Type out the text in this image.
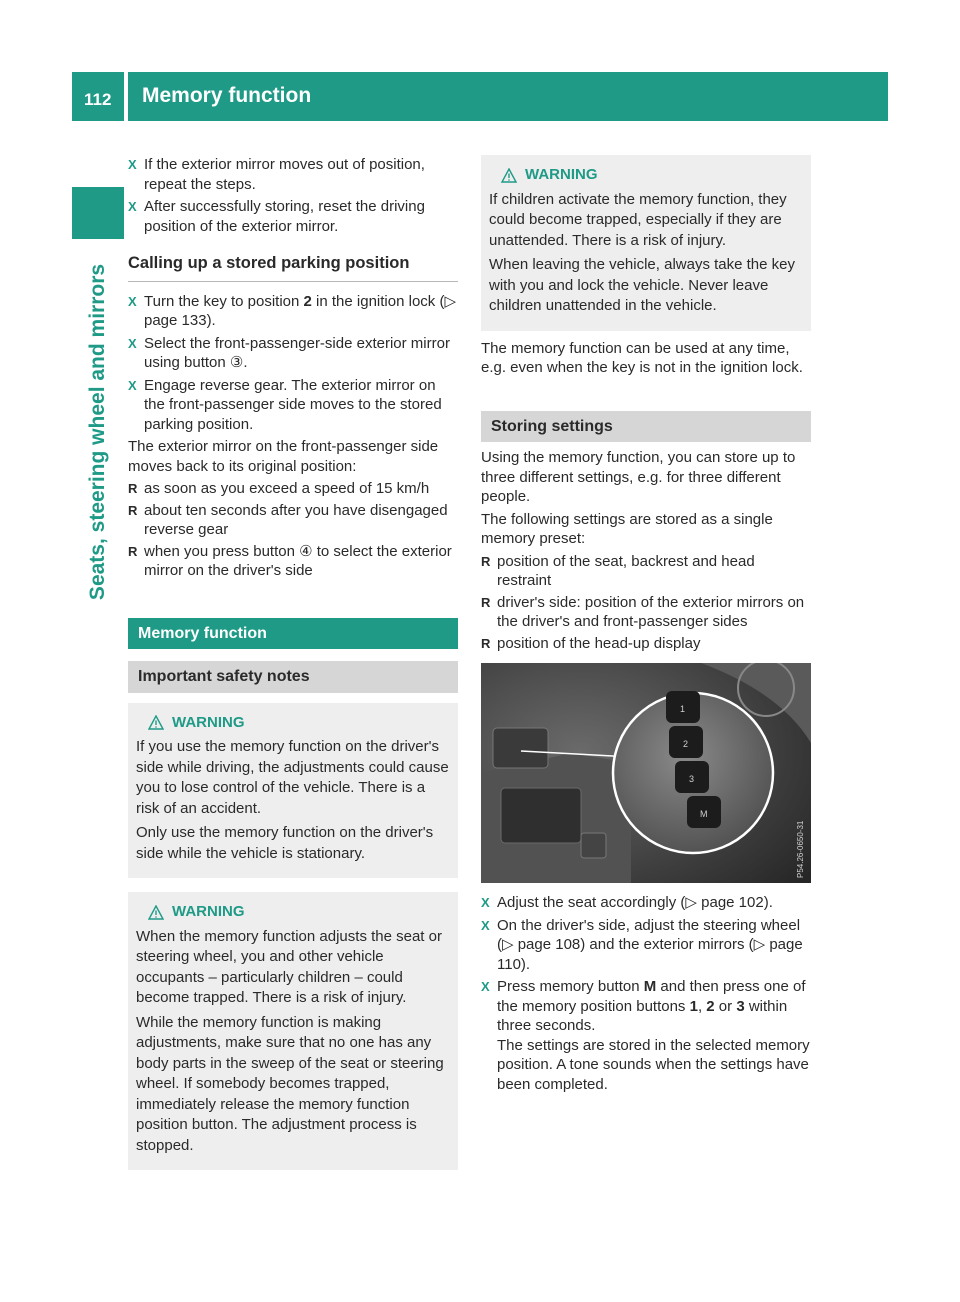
112 Memory function
Seats, steering wheel and mirrors
X If the exterior mirror moves out of position, repeat the steps.
X After successfully storing, reset the driving position of the exterior mirror.
Calling up a stored parking position
X Turn the key to position 2 in the ignition lock (▷ page 133).
X Select the front-passenger-side exterior mirror using button ③.
X Engage reverse gear. The exterior mirror on the front-passenger side moves to the stored parking position.
The exterior mirror on the front-passenger side moves back to its original position:
R as soon as you exceed a speed of 15 km/h
R about ten seconds after you have disengaged reverse gear
R when you press button ④ to select the exterior mirror on the driver's side
Memory function
Important safety notes
WARNING

If you use the memory function on the driver's side while driving, the adjustments could cause you to lose control of the vehicle. There is a risk of an accident.

Only use the memory function on the driver's side while the vehicle is stationary.

WARNING

When the memory function adjusts the seat or steering wheel, you and other vehicle occupants – particularly children – could become trapped. There is a risk of injury.

While the memory function is making adjustments, make sure that no one has any body parts in the sweep of the seat or steering wheel. If somebody becomes trapped, immediately release the memory function position button. The adjustment process is stopped.

WARNING

If children activate the memory function, they could become trapped, especially if they are unattended. There is a risk of injury.

When leaving the vehicle, always take the key with you and lock the vehicle. Never leave children unattended in the vehicle.

The memory function can be used at any time, e.g. even when the key is not in the ignition lock.
Storing settings
Using the memory function, you can store up to three different settings, e.g. for three different people.
The following settings are stored as a single memory preset:
R position of the seat, backrest and head restraint
R driver's side: position of the exterior mirrors on the driver's and front-passenger sides
R position of the head-up display
1
2
3
M
P54.26-0650-31
X Adjust the seat accordingly (▷ page 102).
X On the driver's side, adjust the steering wheel (▷ page 108) and the exterior mirrors (▷ page 110).
X Press memory button M and then press one of the memory position buttons 1, 2 or 3 within three seconds.
The settings are stored in the selected memory position. A tone sounds when the settings have been completed.
